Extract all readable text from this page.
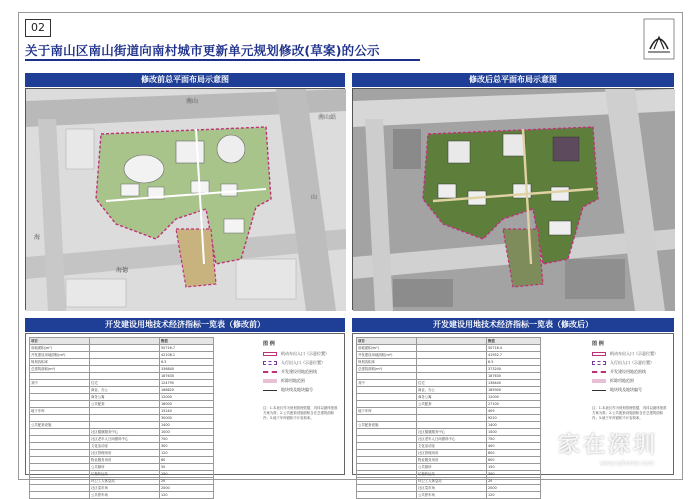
02
关于南山区南山街道向南村城市更新单元规划修改(草案)的公示
修改前总平面布局示意图	修改后总平面布局示意图
南山
南山站
海
海德
山
开发建设用地技术经济指标一览表（修改前）	开发建设用地技术经济指标一览表（修改后）
项目		数值
用地面积(m²)		50716.7
开发建设用地面积(m²)		42108.1
规划容积率		6.5
总建筑面积(m²)		336840
		187630
其中	住宅	124795
	商业、办公	168620
	商务公寓	12000
	公共配套	18000
地下车库		15240
		30000
公共配套设施		1400
	社区健康服务中心	1000
	社区老年人日间照料中心	750
	文化活动室	300
	社区管理用房	120
	物业服务用房	60
	公共厕所	50
	垃圾转运站	150
	环卫工人休息站	20
	社区菜市场	2000
	公共停车场	120
图 例
机动车出入口（示意位置）
人行出入口（示意位置）
开发建设用地范围线
拆除用地范围
地块线及地块编号
注：1.本表仅作为规划管理依据，具体以最终批准方案为准；2.公共配套设施面积含在总建筑面积内；3.地下车库面积不计容积率。
项目		数值
用地面积(m²)		50716.4
开发建设用地面积(m²)		41952.7
规划容积率		6.5
总建筑面积(m²)		373200
		187630
其中	住宅	136440
	商业、办公	185900
	商务公寓	12000
	公共配套	27100
地下车库		409
		9220
公共配套设施		1400
	社区健康服务中心	1000
	社区老年人日间照料中心	750
	文化活动室	400
	社区管理用房	800
	物业服务用房	600
	公共厕所	150
	垃圾转运站	300
	环卫工人休息站	20
	社区菜市场	2000
	公共停车场	120
图 例
机动车出入口（示意位置）
人行出入口（示意位置）
开发建设用地范围线
拆除用地范围
地块线及地块编号
注：1.本表仅作为规划管理依据，具体以最终批准方案为准；2.公共配套设施面积含在总建筑面积内；3.地下车库面积不计容积率。
家在深圳
www.szhome.com
